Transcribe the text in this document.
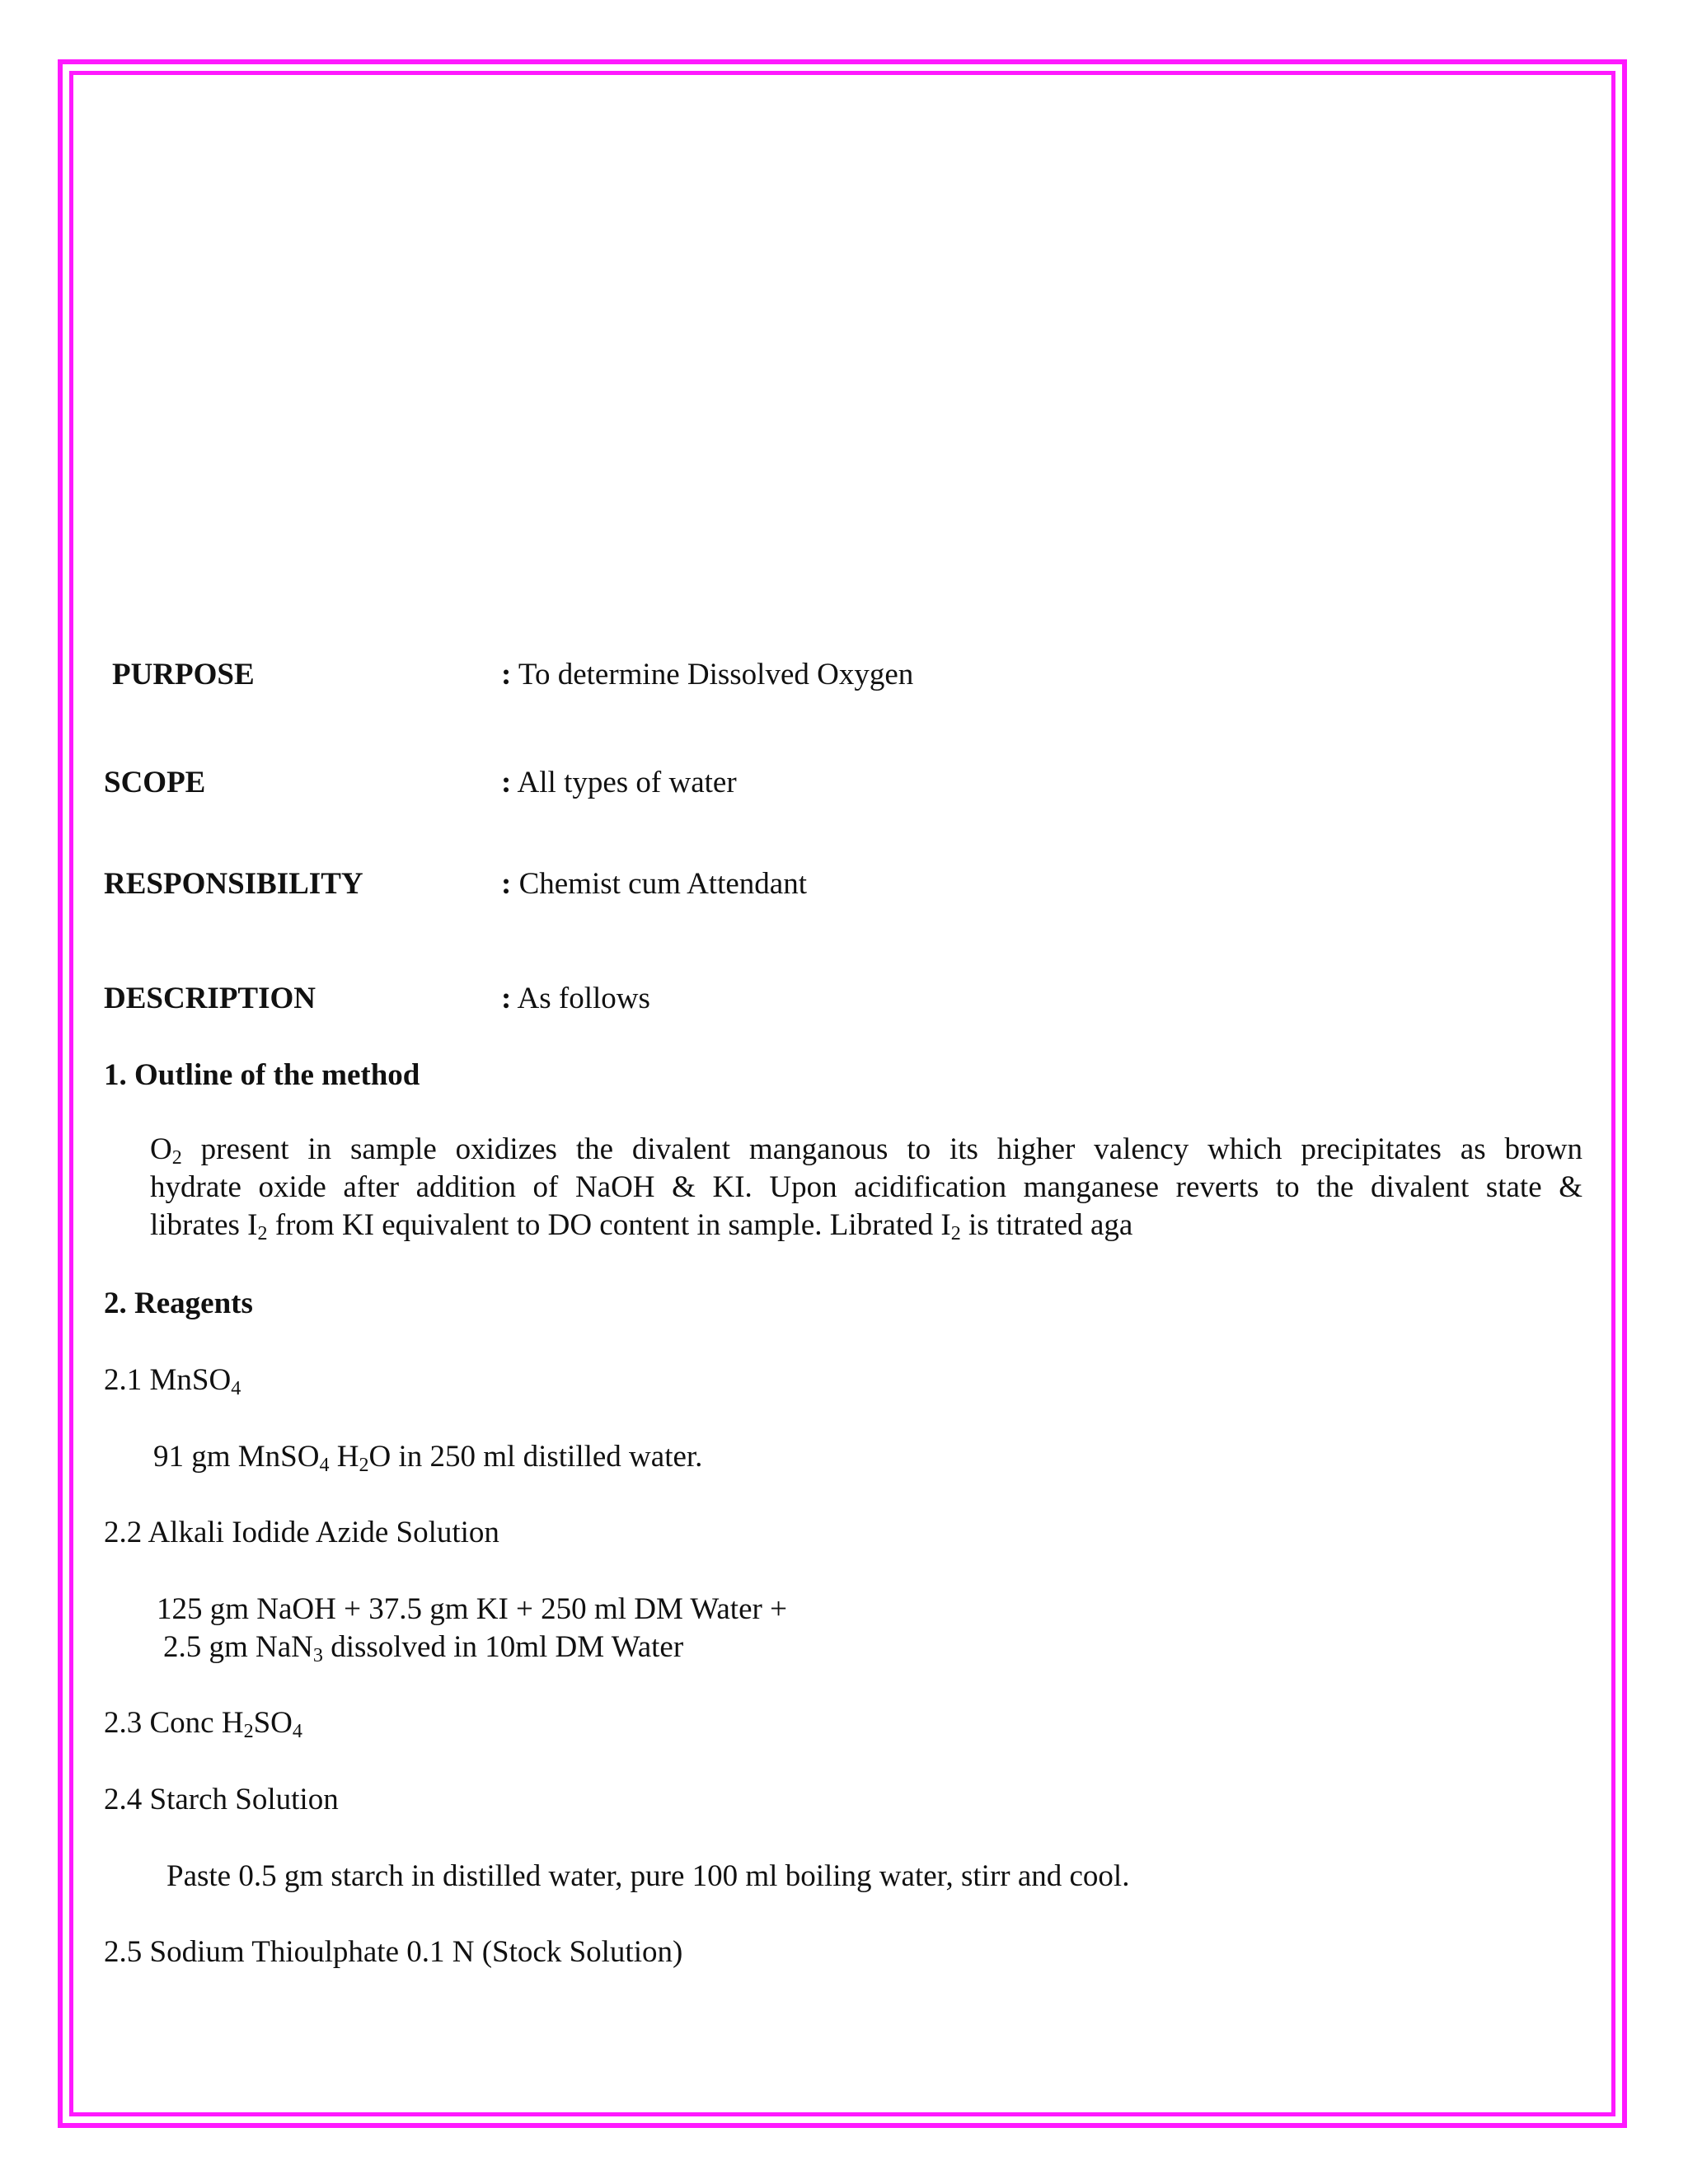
PURPOSE	: To determine Dissolved Oxygen

SCOPE	: All types of water

RESPONSIBILITY	: Chemist cum Attendant

DESCRIPTION	: As follows

1. Outline of the method

$O_2$ present in sample oxidizes the divalent manganous to its higher valency which precipitates as brown
hydrate oxide after addition of NaOH & KI. Upon acidification manganese reverts to the divalent state &
librates $I_2$ from KI equivalent to DO content in sample. Librated $I_2$ is titrated aga

2. Reagents

2.1 MnSO$_4$

91 gm MnSO$_4$ $H_2O$ in 250 ml distilled water.

2.2 Alkali Iodide Azide Solution

125 gm NaOH + 37.5 gm KI + 250 ml DM Water +

2.5 gm NaN$_3$ dissolved in 10ml DM Water

2.3 Conc $H_2SO_4$

2.4 Starch Solution

Paste 0.5 gm starch in distilled water, pure 100 ml boiling water, stirr and cool.

2.5 Sodium Thioulphate 0.1 N (Stock Solution)
